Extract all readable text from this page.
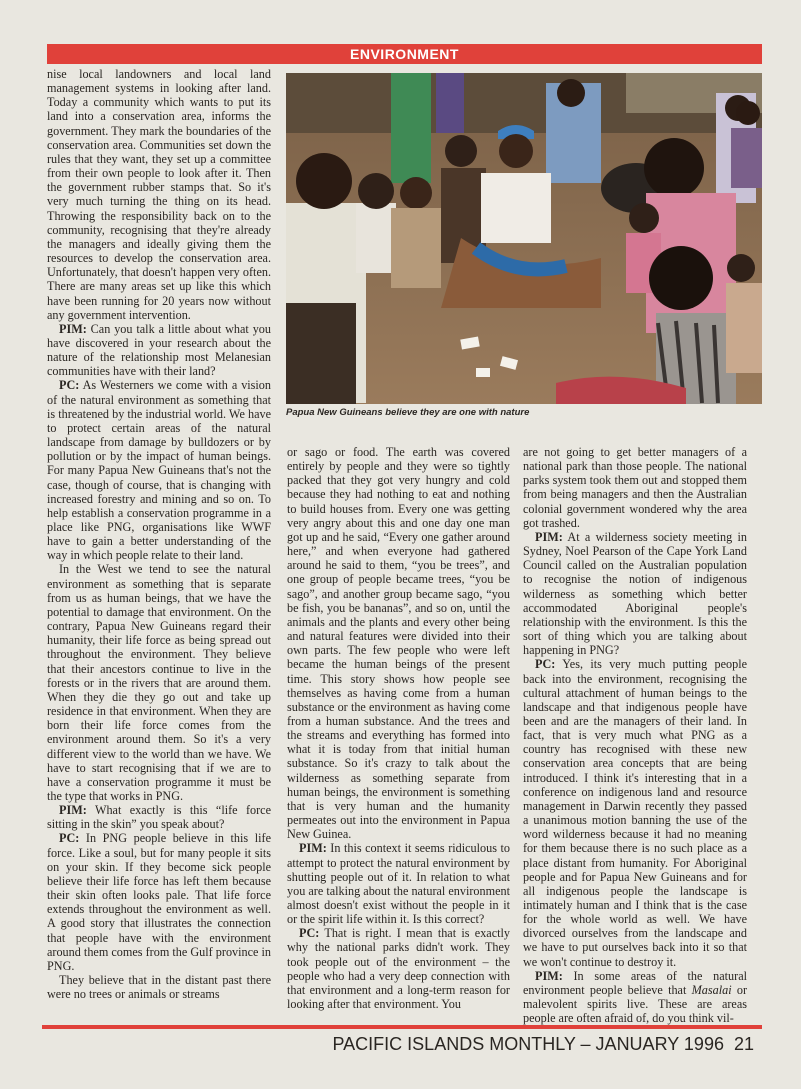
ENVIRONMENT

nise local landowners and local land management systems in looking after land. Today a community which wants to put its land into a conservation area, informs the government. They mark the boundaries of the conservation area. Communities set down the rules that they want, they set up a committee from their own people to look after it. Then the government rubber stamps that. So it's very much turning the thing on its head. Throwing the responsibility back on to the community, recognising that they're already the managers and ideally giving them the resources to develop the conservation area. Unfortunately, that doesn't happen very often. There are many areas set up like this which have been running for 20 years now without any government intervention.

PIM: Can you talk a little about what you have discovered in your research about the nature of the relationship most Melanesian communities have with their land?

PC: As Westerners we come with a vision of the natural environment as something that is threatened by the industrial world. We have to protect certain areas of the natural landscape from damage by bulldozers or by pollution or by the impact of human beings. For many Papua New Guineans that's not the case, though of course, that is changing with increased forestry and mining and so on. To help establish a conservation programme in a place like PNG, organisations like WWF have to gain a better understanding of the way in which people relate to their land.

In the West we tend to see the natural environment as something that is separate from us as human beings, that we have the potential to damage that environment. On the contrary, Papua New Guineans regard their humanity, their life force as being spread out throughout the environment. They believe that their ancestors continue to live in the forests or in the rivers that are around them. When they die they go out and take up residence in that environment. When they are born their life force comes from the environment around them. So it's a very different view to the world than we have. We have to start recognising that if we are to have a conservation programme it must be the type that works in PNG.

PIM: What exactly is this “life force sitting in the skin” you speak about?

PC: In PNG people believe in this life force. Like a soul, but for many people it sits on your skin. If they become sick people believe their life force has left them because their skin often looks pale. That life force extends throughout the environment as well. A good story that illustrates the connection that people have with the environment around them comes from the Gulf province in PNG.

They believe that in the distant past there were no trees or animals or streams

Papua New Guineans believe they are one with nature

or sago or food. The earth was covered entirely by people and they were so tightly packed that they got very hungry and cold because they had nothing to eat and nothing to build houses from. Every one was getting very angry about this and one day one man got up and he said, “Every one gather around here,” and when everyone had gathered around he said to them, “you be trees”, and one group of people became trees, “you be sago”, and another group became sago, “you be fish, you be bananas”, and so on, until the animals and the plants and every other being and natural features were divided into their own parts. The few people who were left became the human beings of the present time. This story shows how people see themselves as having come from a human substance or the environment as having come from a human substance. And the trees and the streams and everything has formed into what it is today from that initial human substance. So it's crazy to talk about the wilderness as something separate from human beings, the environment is something that is very human and the humanity permeates out into the environment in Papua New Guinea.

PIM: In this context it seems ridiculous to attempt to protect the natural environment by shutting people out of it. In relation to what you are talking about the natural environment almost doesn't exist without the people in it or the spirit life within it. Is this correct?

PC: That is right. I mean that is exactly why the national parks didn't work. They took people out of the environment – the people who had a very deep connection with that environment and a long-term reason for looking after that environment. You

are not going to get better managers of a national park than those people. The national parks system took them out and stopped them from being managers and then the Australian colonial government wondered why the area got trashed.

PIM: At a wilderness society meeting in Sydney, Noel Pearson of the Cape York Land Council called on the Australian population to recognise the notion of indigenous wilderness as something which better accommodated Aboriginal people's relationship with the environment. Is this the sort of thing which you are talking about happening in PNG?

PC: Yes, its very much putting people back into the environment, recognising the cultural attachment of human beings to the landscape and that indigenous people have been and are the managers of their land. In fact, that is very much what PNG as a country has recognised with these new conservation area concepts that are being introduced. I think it's interesting that in a conference on indigenous land and resource management in Darwin recently they passed a unanimous motion banning the use of the word wilderness because it had no meaning for them because there is no such place as a place distant from humanity. For Aboriginal people and for Papua New Guineans and for all indigenous people the landscape is intimately human and I think that is the case for the whole world as well. We have divorced ourselves from the landscape and we have to put ourselves back into it so that we won't continue to destroy it.

PIM: In some areas of the natural environment people believe that Masalai or malevolent spirits live. These are areas people are often afraid of, do you think vil-

PACIFIC ISLANDS MONTHLY – JANUARY 1996 21
